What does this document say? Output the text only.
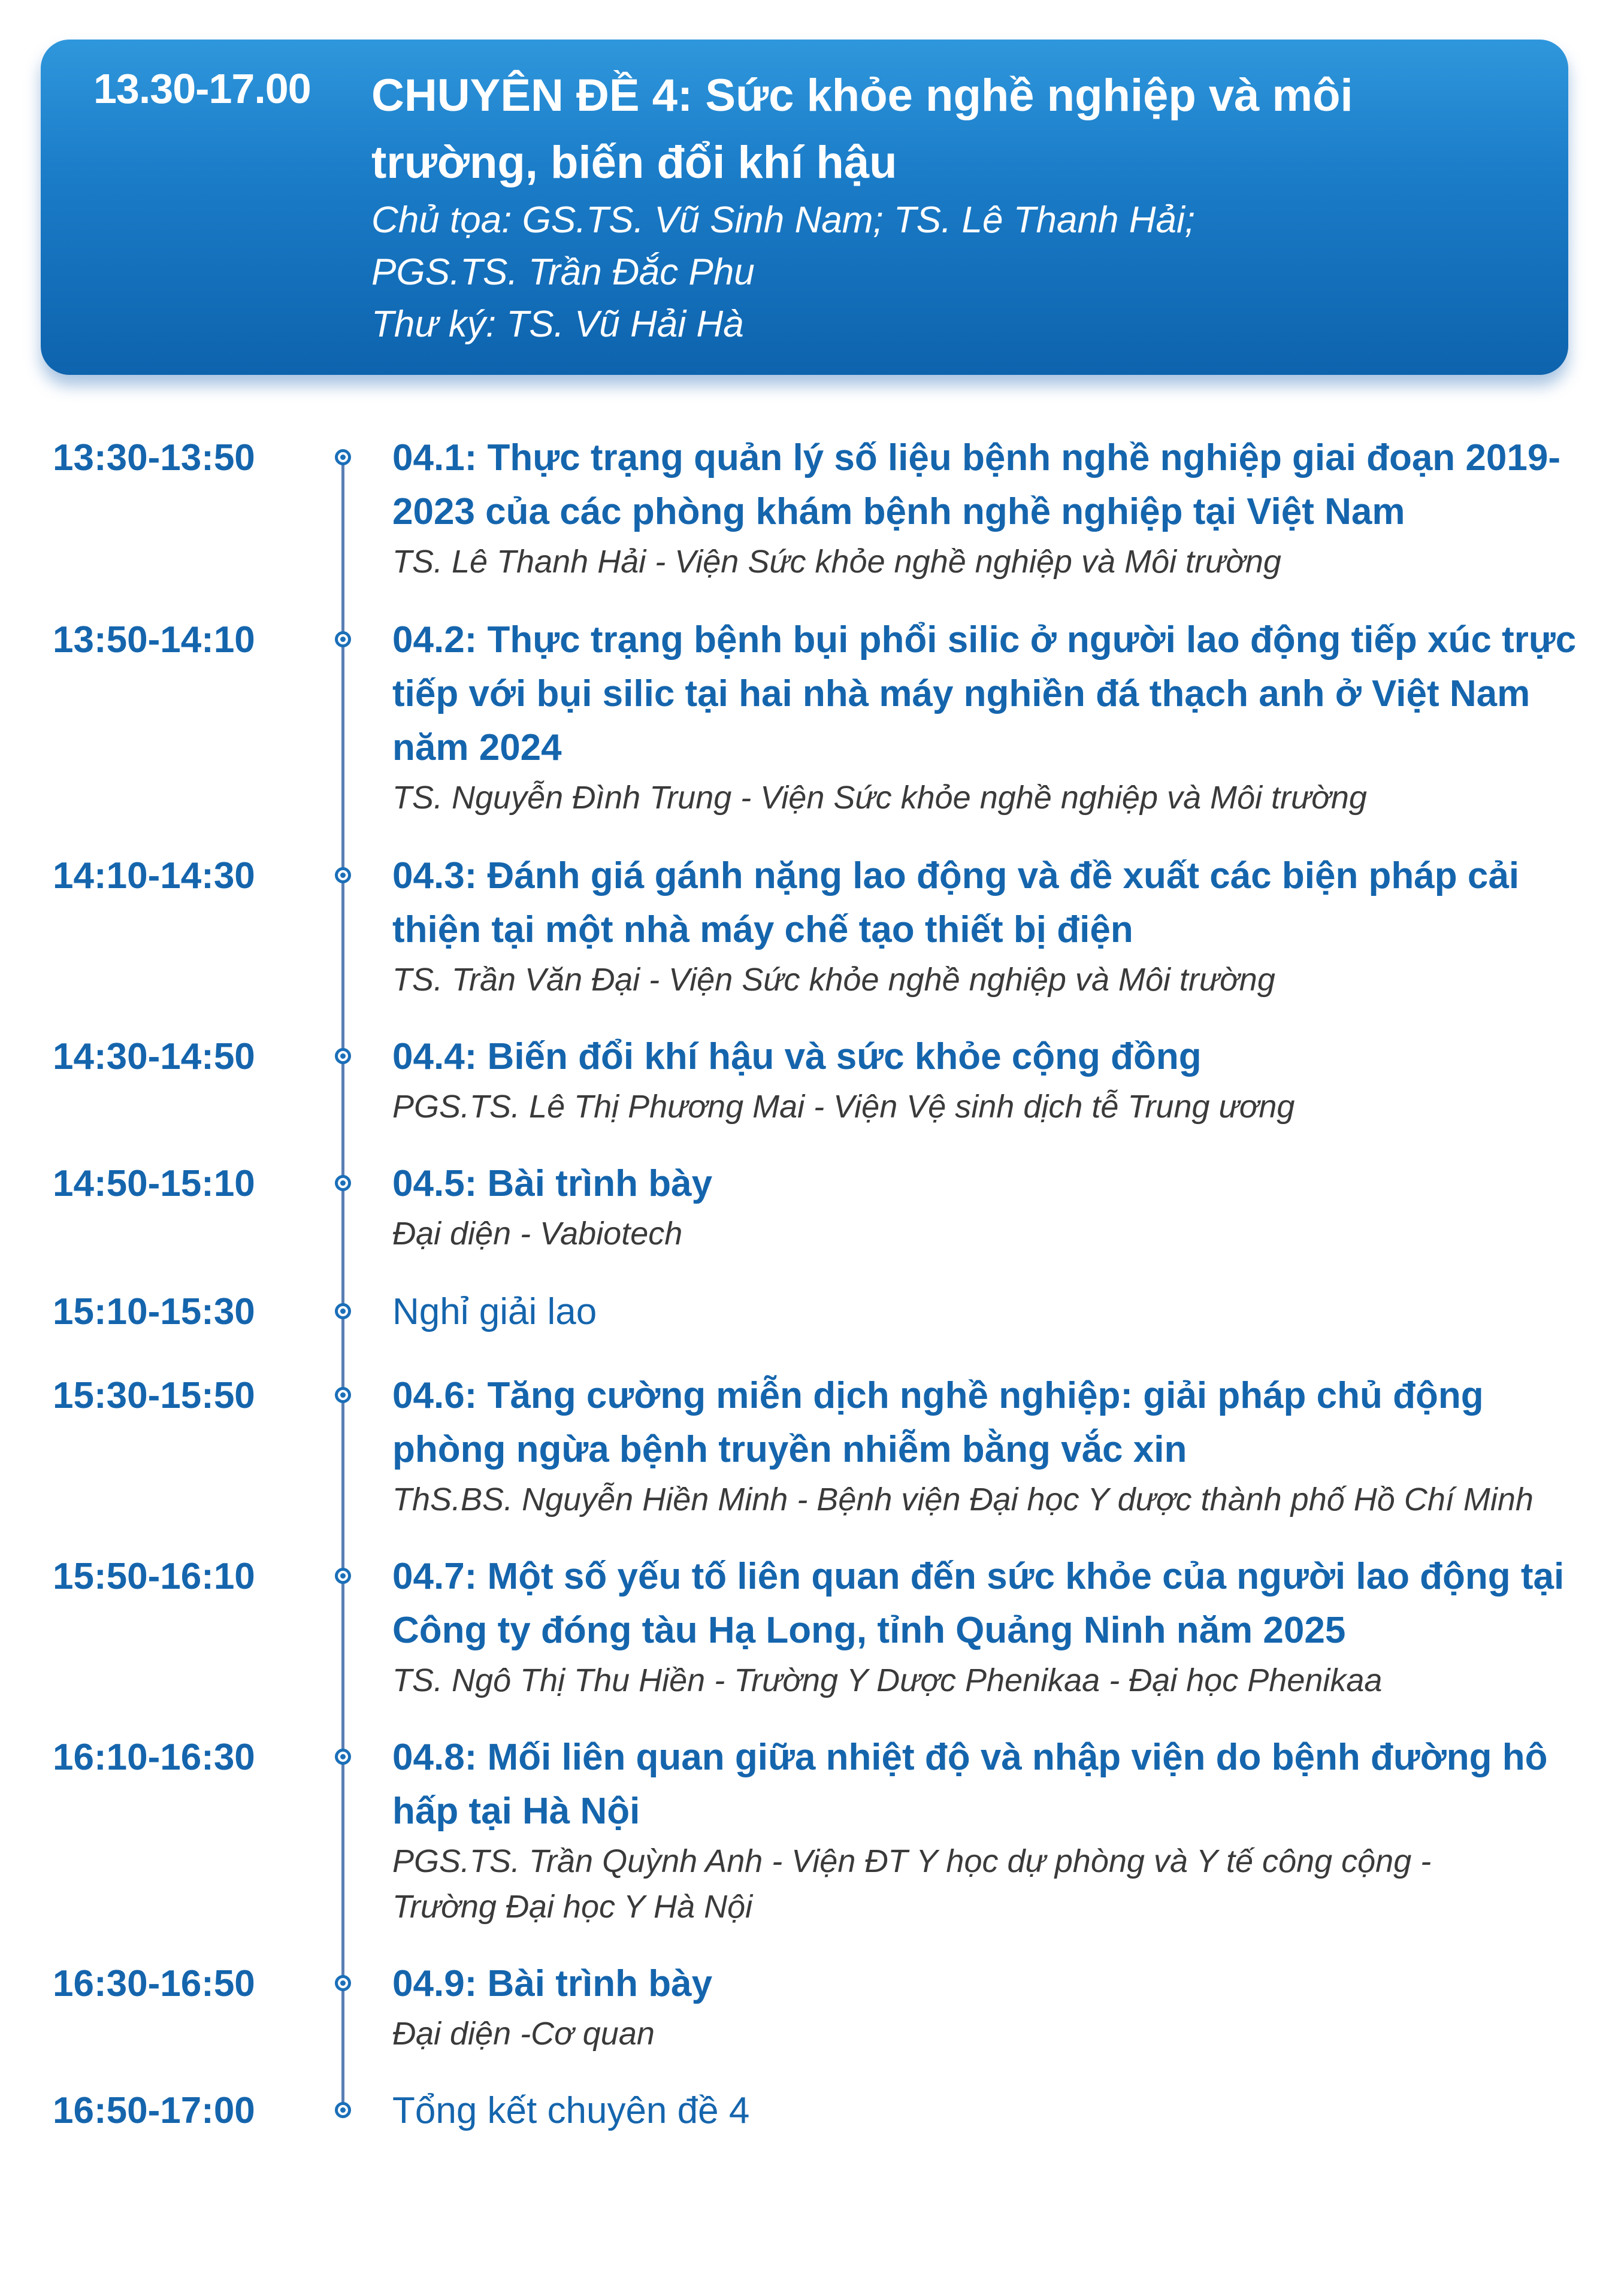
13.30-17.00 CHUYÊN ĐỀ 4: Sức khỏe nghề nghiệp và môi trường, biến đổi khí hậu
Chủ tọa: GS.TS. Vũ Sinh Nam; TS. Lê Thanh Hải;
PGS.TS. Trần Đắc Phu
Thư ký: TS. Vũ Hải Hà
13:30-13:50	04.1: Thực trạng quản lý số liệu bệnh nghề nghiệp giai đoạn 2019-2023 của các phòng khám bệnh nghề nghiệp tại Việt Nam
TS. Lê Thanh Hải - Viện Sức khỏe nghề nghiệp và Môi trường
13:50-14:10	04.2: Thực trạng bệnh bụi phổi silic ở người lao động tiếp xúc trực tiếp với bụi silic tại hai nhà máy nghiền đá thạch anh ở Việt Nam năm 2024
TS. Nguyễn Đình Trung - Viện Sức khỏe nghề nghiệp và Môi trường
14:10-14:30	04.3: Đánh giá gánh nặng lao động và đề xuất các biện pháp cải thiện tại một nhà máy chế tạo thiết bị điện
TS. Trần Văn Đại - Viện Sức khỏe nghề nghiệp và Môi trường
14:30-14:50	04.4: Biến đổi khí hậu và sức khỏe cộng đồng
PGS.TS. Lê Thị Phương Mai - Viện Vệ sinh dịch tễ Trung ương
14:50-15:10	04.5: Bài trình bày
Đại diện - Vabiotech
15:10-15:30	Nghỉ giải lao
15:30-15:50	04.6: Tăng cường miễn dịch nghề nghiệp: giải pháp chủ động phòng ngừa bệnh truyền nhiễm bằng vắc xin
ThS.BS. Nguyễn Hiền Minh - Bệnh viện Đại học Y dược thành phố Hồ Chí Minh
15:50-16:10	04.7: Một số yếu tố liên quan đến sức khỏe của người lao động tại Công ty đóng tàu Hạ Long, tỉnh Quảng Ninh năm 2025
TS. Ngô Thị Thu Hiền - Trường Y Dược Phenikaa - Đại học Phenikaa
16:10-16:30	04.8: Mối liên quan giữa nhiệt độ và nhập viện do bệnh đường hô hấp tại Hà Nội
PGS.TS. Trần Quỳnh Anh - Viện ĐT Y học dự phòng và Y tế công cộng -
Trường Đại học Y Hà Nội
16:30-16:50	04.9: Bài trình bày
Đại diện -Cơ quan
16:50-17:00	Tổng kết chuyên đề 4
